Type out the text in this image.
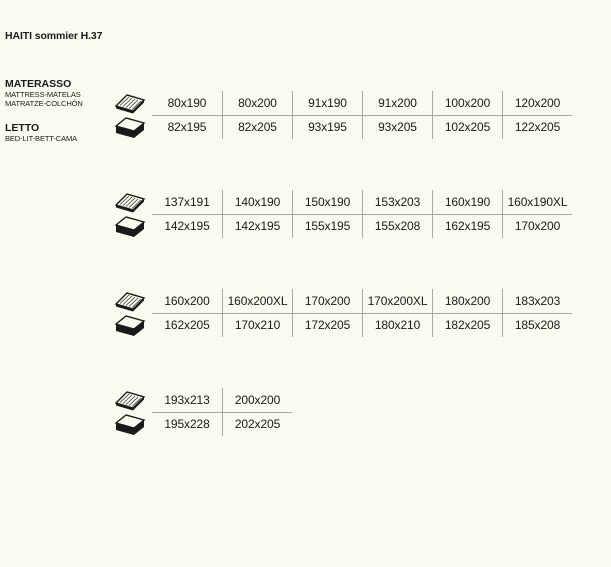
HAITI sommier H.37
MATERASSO
MATTRESS-MATELAS
MATRATZE-COLCHÓN
LETTO
BED-LIT-BETT-CAMA
80x190	80x200	91x190	91x200	100x200	120x200
82x195	82x205	93x195	93x205	102x205	122x205
137x191	140x190	150x190	153x203	160x190	160x190XL
142x195	142x195	155x195	155x208	162x195	170x200
160x200	160x200XL	170x200	170x200XL	180x200	183x203
162x205	170x210	172x205	180x210	182x205	185x208
193x213	200x200
195x228	202x205
